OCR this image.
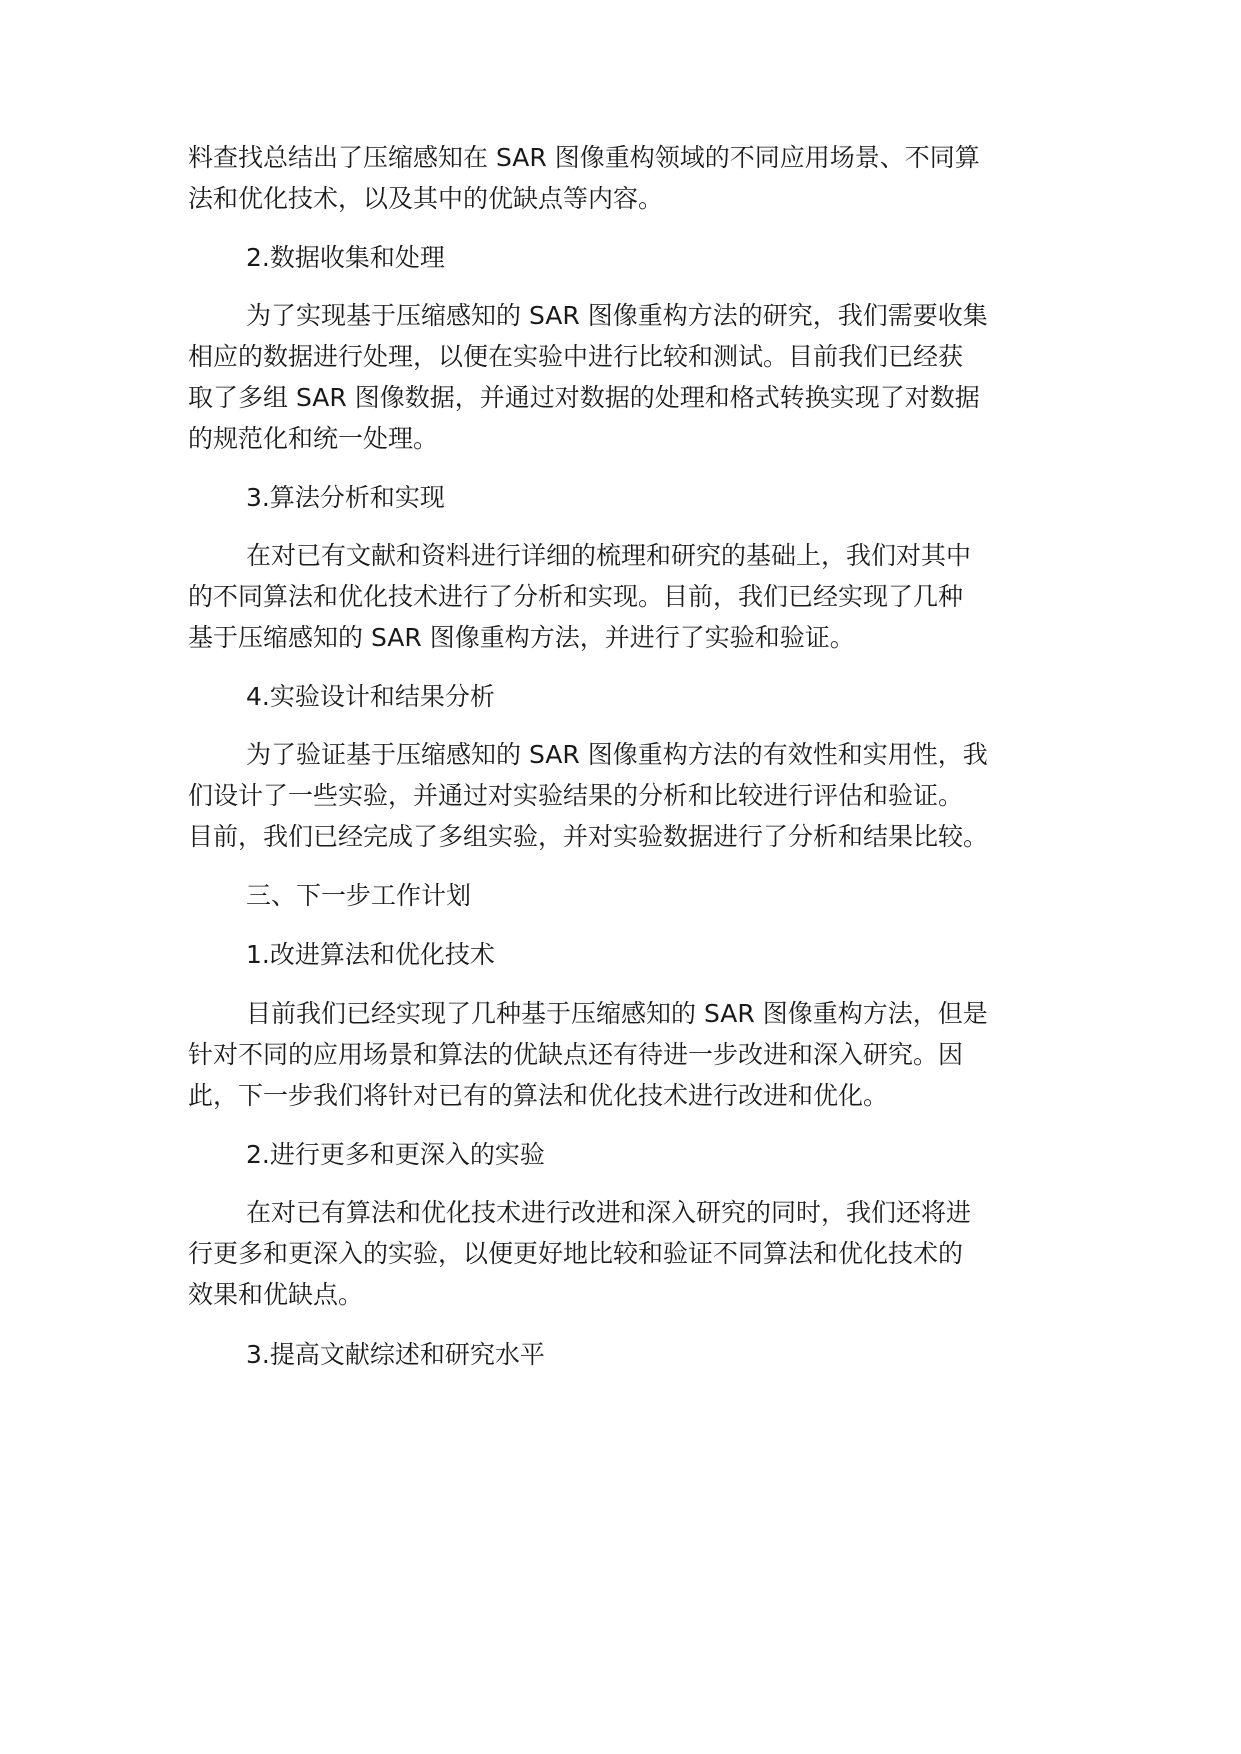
料查找总结出了压缩感知在 SAR 图像重构领域的不同应用场景、不同算
法和优化技术，以及其中的优缺点等内容。
2.数据收集和处理
为了实现基于压缩感知的 SAR 图像重构方法的研究，我们需要收集
相应的数据进行处理，以便在实验中进行比较和测试。目前我们已经获
取了多组 SAR 图像数据，并通过对数据的处理和格式转换实现了对数据
的规范化和统一处理。
3.算法分析和实现
在对已有文献和资料进行详细的梳理和研究的基础上，我们对其中
的不同算法和优化技术进行了分析和实现。目前，我们已经实现了几种
基于压缩感知的 SAR 图像重构方法，并进行了实验和验证。
4.实验设计和结果分析
为了验证基于压缩感知的 SAR 图像重构方法的有效性和实用性，我
们设计了一些实验，并通过对实验结果的分析和比较进行评估和验证。
目前，我们已经完成了多组实验，并对实验数据进行了分析和结果比较。
三、下一步工作计划
1.改进算法和优化技术
目前我们已经实现了几种基于压缩感知的 SAR 图像重构方法，但是
针对不同的应用场景和算法的优缺点还有待进一步改进和深入研究。因
此，下一步我们将针对已有的算法和优化技术进行改进和优化。
2.进行更多和更深入的实验
在对已有算法和优化技术进行改进和深入研究的同时，我们还将进
行更多和更深入的实验，以便更好地比较和验证不同算法和优化技术的
效果和优缺点。
3.提高文献综述和研究水平
